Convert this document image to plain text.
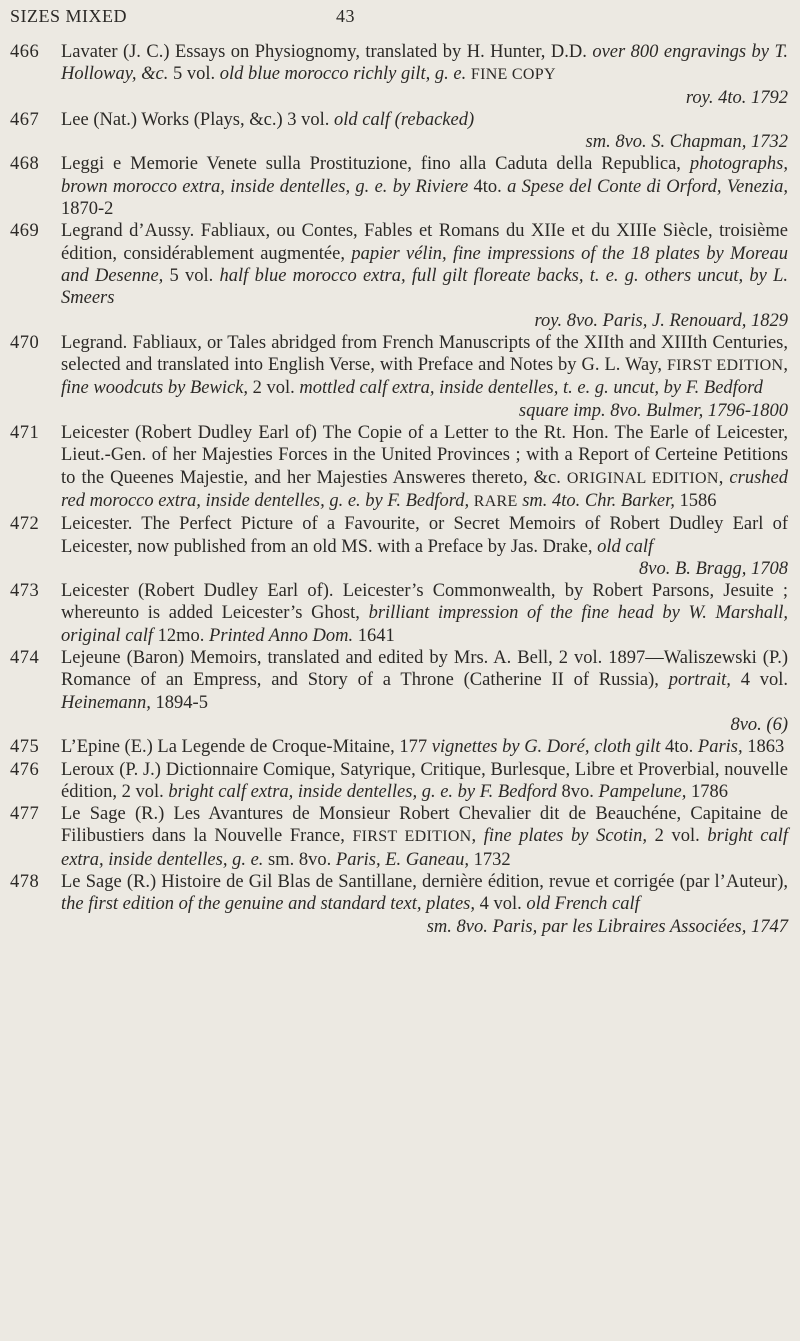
SIZES MIXED	43
466 Lavater (J. C.) Essays on Physiognomy, translated by H. Hunter, D.D. over 800 engravings by T. Holloway, &c. 5 vol. old blue morocco richly gilt, g. e. FINE COPY
roy. 4to. 1792
467 Lee (Nat.) Works (Plays, &c.) 3 vol. old calf (rebacked)
sm. 8vo. S. Chapman, 1732
468 Leggi e Memorie Venete sulla Prostituzione, fino alla Caduta della Republica, photographs, brown morocco extra, inside dentelles, g. e. by Riviere 4to. a Spese del Conte di Orford, Venezia, 1870-2
469 Legrand d’Aussy. Fabliaux, ou Contes, Fables et Romans du XIIe et du XIIIe Siècle, troisième édition, considérablement augmentée, papier vélin, fine impressions of the 18 plates by Moreau and Desenne, 5 vol. half blue morocco extra, full gilt floreate backs, t. e. g. others uncut, by L. Smeers
roy. 8vo. Paris, J. Renouard, 1829
470 Legrand. Fabliaux, or Tales abridged from French Manuscripts of the XIIth and XIIIth Centuries, selected and translated into English Verse, with Preface and Notes by G. L. Way, FIRST EDITION, fine woodcuts by Bewick, 2 vol. mottled calf extra, inside dentelles, t. e. g. uncut, by F. Bedford
square imp. 8vo. Bulmer, 1796-1800
471 Leicester (Robert Dudley Earl of) The Copie of a Letter to the Rt. Hon. The Earle of Leicester, Lieut.-Gen. of her Majesties Forces in the United Provinces ; with a Report of Certeine Petitions to the Queenes Majestie, and her Majesties Answeres thereto, &c. ORIGINAL EDITION, crushed red morocco extra, inside dentelles, g. e. by F. Bedford, RARE sm. 4to. Chr. Barker, 1586
472 Leicester. The Perfect Picture of a Favourite, or Secret Memoirs of Robert Dudley Earl of Leicester, now published from an old MS. with a Preface by Jas. Drake, old calf
8vo. B. Bragg, 1708
473 Leicester (Robert Dudley Earl of). Leicester’s Commonwealth, by Robert Parsons, Jesuite ; whereunto is added Leicester’s Ghost, brilliant impression of the fine head by W. Marshall, original calf 12mo. Printed Anno Dom. 1641
474 Lejeune (Baron) Memoirs, translated and edited by Mrs. A. Bell, 2 vol. 1897—Waliszewski (P.) Romance of an Empress, and Story of a Throne (Catherine II of Russia), portrait, 4 vol. Heinemann, 1894-5
8vo. (6)
475 L’Epine (E.) La Legende de Croque-Mitaine, 177 vignettes by G. Doré, cloth gilt 4to. Paris, 1863
476 Leroux (P. J.) Dictionnaire Comique, Satyrique, Critique, Burlesque, Libre et Proverbial, nouvelle édition, 2 vol. bright calf extra, inside dentelles, g. e. by F. Bedford 8vo. Pampelune, 1786
477 Le Sage (R.) Les Avantures de Monsieur Robert Chevalier dit de Beauchéne, Capitaine de Filibustiers dans la Nouvelle France, FIRST EDITION, fine plates by Scotin, 2 vol. bright calf extra, inside dentelles, g. e. sm. 8vo. Paris, E. Ganeau, 1732
478 Le Sage (R.) Histoire de Gil Blas de Santillane, dernière édition, revue et corrigée (par l’Auteur), the first edition of the genuine and standard text, plates, 4 vol. old French calf
sm. 8vo. Paris, par les Libraires Associées, 1747
